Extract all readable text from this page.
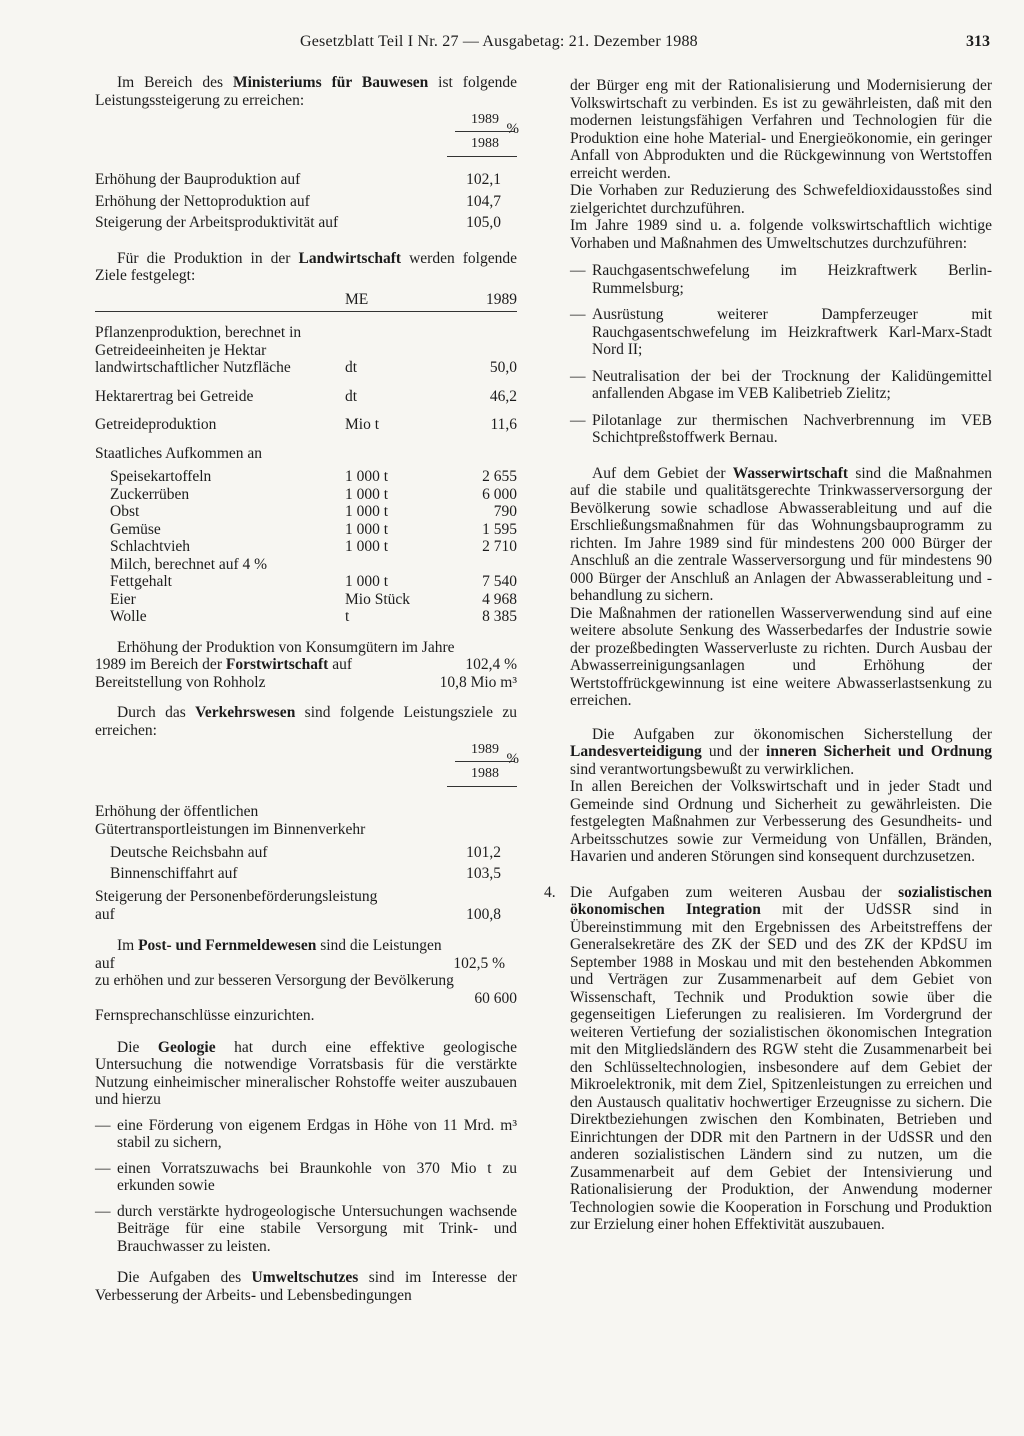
Gesetzblatt Teil I Nr. 27 — Ausgabetag: 21. Dezember 1988	313

Im Bereich des Ministeriums für Bauwesen ist folgende Leistungssteigerung zu erreichen:

1989
1988
%
Erhöhung der Bauproduktion auf	102,1
Erhöhung der Nettoproduktion auf	104,7
Steigerung der Arbeitsproduktivität auf	105,0

Für die Produktion in der Landwirtschaft werden folgende Ziele festgelegt:

	ME	1989

Pflanzenproduktion, berechnet in Getreideeinheiten je Hektar landwirtschaftlicher Nutzfläche	dt	50,0

Hektarertrag bei Getreide	dt	46,2

Getreideproduktion	Mio t	11,6

Staatliches Aufkommen an		

Speisekartoffeln	1 000 t	2 655
Zuckerrüben	1 000 t	6 000
Obst	1 000 t	790
Gemüse	1 000 t	1 595
Schlachtvieh	1 000 t	2 710
Milch, berechnet auf 4 % Fettgehalt	1 000 t	7 540
Eier	Mio Stück	4 968
Wolle	t	8 385

Erhöhung der Produktion von Konsumgütern im Jahre

1989 im Bereich der Forstwirtschaft auf	102,4 %
Bereitstellung von Rohholz	10,8 Mio m³

Durch das Verkehrswesen sind folgende Leistungsziele zu erreichen:

1989
1988
%

Erhöhung der öffentlichen Gütertransportleistungen im Binnenverkehr

Deutsche Reichsbahn auf	101,2
Binnenschiffahrt auf	103,5

Steigerung der Personenbeförderungsleistung

auf	100,8

Im Post- und Fernmeldewesen sind die Leistungen

auf	102,5 %

zu erhöhen und zur besseren Versorgung der Bevölkerung

60 600

Fernsprechanschlüsse einzurichten.

Die Geologie hat durch eine effektive geologische Untersuchung die notwendige Vorratsbasis für die verstärkte Nutzung einheimischer mineralischer Rohstoffe weiter auszubauen und hierzu

— eine Förderung von eigenem Erdgas in Höhe von 11 Mrd. m³ stabil zu sichern,
— einen Vorratszuwachs bei Braunkohle von 370 Mio t zu erkunden sowie
— durch verstärkte hydrogeologische Untersuchungen wachsende Beiträge für eine stabile Versorgung mit Trink- und Brauchwasser zu leisten.

Die Aufgaben des Umweltschutzes sind im Interesse der Verbesserung der Arbeits- und Lebensbedingungen

der Bürger eng mit der Rationalisierung und Modernisierung der Volkswirtschaft zu verbinden. Es ist zu gewährleisten, daß mit den modernen leistungsfähigen Verfahren und Technologien für die Produktion eine hohe Material- und Energieökonomie, ein geringer Anfall von Abprodukten und die Rückgewinnung von Wertstoffen erreicht werden.

Die Vorhaben zur Reduzierung des Schwefeldioxidausstoßes sind zielgerichtet durchzuführen.

Im Jahre 1989 sind u. a. folgende volkswirtschaftlich wichtige Vorhaben und Maßnahmen des Umweltschutzes durchzuführen:

— Rauchgasentschwefelung im Heizkraftwerk Berlin-Rummelsburg;
— Ausrüstung weiterer Dampferzeuger mit Rauchgasentschwefelung im Heizkraftwerk Karl-Marx-Stadt Nord II;
— Neutralisation der bei der Trocknung der Kalidüngemittel anfallenden Abgase im VEB Kalibetrieb Zielitz;
— Pilotanlage zur thermischen Nachverbrennung im VEB Schichtpreßstoffwerk Bernau.

Auf dem Gebiet der Wasserwirtschaft sind die Maßnahmen auf die stabile und qualitätsgerechte Trinkwasserversorgung der Bevölkerung sowie schadlose Abwasserableitung und auf die Erschließungsmaßnahmen für das Wohnungsbauprogramm zu richten. Im Jahre 1989 sind für mindestens 200 000 Bürger der Anschluß an die zentrale Wasserversorgung und für mindestens 90 000 Bürger der Anschluß an Anlagen der Abwasserableitung und -behandlung zu sichern.

Die Maßnahmen der rationellen Wasserverwendung sind auf eine weitere absolute Senkung des Wasserbedarfes der Industrie sowie der prozeßbedingten Wasserverluste zu richten. Durch Ausbau der Abwasserreinigungsanlagen und Erhöhung der Wertstoffrückgewinnung ist eine weitere Abwasserlastsenkung zu erreichen.

Die Aufgaben zur ökonomischen Sicherstellung der Landesverteidigung und der inneren Sicherheit und Ordnung sind verantwortungsbewußt zu verwirklichen.

In allen Bereichen der Volkswirtschaft und in jeder Stadt und Gemeinde sind Ordnung und Sicherheit zu gewährleisten. Die festgelegten Maßnahmen zur Verbesserung des Gesundheits- und Arbeitsschutzes sowie zur Vermeidung von Unfällen, Bränden, Havarien und anderen Störungen sind konsequent durchzusetzen.

4. Die Aufgaben zum weiteren Ausbau der sozialistischen ökonomischen Integration mit der UdSSR sind in Übereinstimmung mit den Ergebnissen des Arbeitstreffens der Generalsekretäre des ZK der SED und des ZK der KPdSU im September 1988 in Moskau und mit den bestehenden Abkommen und Verträgen zur Zusammenarbeit auf dem Gebiet von Wissenschaft, Technik und Produktion sowie über die gegenseitigen Lieferungen zu realisieren. Im Vordergrund der weiteren Vertiefung der sozialistischen ökonomischen Integration mit den Mitgliedsländern des RGW steht die Zusammenarbeit bei den Schlüsseltechnologien, insbesondere auf dem Gebiet der Mikroelektronik, mit dem Ziel, Spitzenleistungen zu erreichen und den Austausch qualitativ hochwertiger Erzeugnisse zu sichern. Die Direktbeziehungen zwischen den Kombinaten, Betrieben und Einrichtungen der DDR mit den Partnern in der UdSSR und den anderen sozialistischen Ländern sind zu nutzen, um die Zusammenarbeit auf dem Gebiet der Intensivierung und Rationalisierung der Produktion, der Anwendung moderner Technologien sowie die Kooperation in Forschung und Produktion zur Erzielung einer hohen Effektivität auszubauen.
